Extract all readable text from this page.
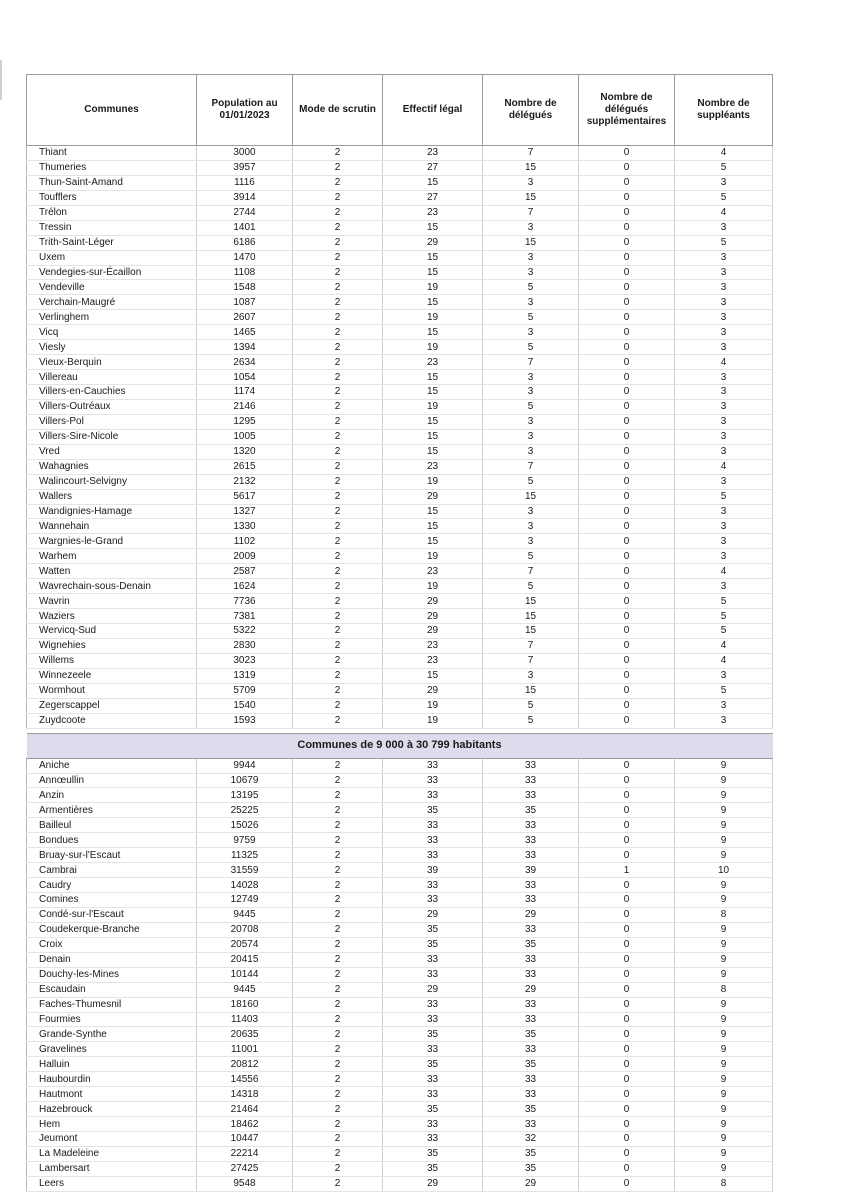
Communes	Population au 01/01/2023	Mode de scrutin	Effectif légal	Nombre de délégués	Nombre de délégués supplémentaires	Nombre de suppléants
Thiant	3000	2	23	7	0	4
Thumeries	3957	2	27	15	0	5
Thun-Saint-Amand	1116	2	15	3	0	3
Toufflers	3914	2	27	15	0	5
Trélon	2744	2	23	7	0	4
Tressin	1401	2	15	3	0	3
Trith-Saint-Léger	6186	2	29	15	0	5
Uxem	1470	2	15	3	0	3
Vendegies-sur-Écaillon	1108	2	15	3	0	3
Vendeville	1548	2	19	5	0	3
Verchain-Maugré	1087	2	15	3	0	3
Verlinghem	2607	2	19	5	0	3
Vicq	1465	2	15	3	0	3
Viesly	1394	2	19	5	0	3
Vieux-Berquin	2634	2	23	7	0	4
Villereau	1054	2	15	3	0	3
Villers-en-Cauchies	1174	2	15	3	0	3
Villers-Outréaux	2146	2	19	5	0	3
Villers-Pol	1295	2	15	3	0	3
Villers-Sire-Nicole	1005	2	15	3	0	3
Vred	1320	2	15	3	0	3
Wahagnies	2615	2	23	7	0	4
Walincourt-Selvigny	2132	2	19	5	0	3
Wallers	5617	2	29	15	0	5
Wandignies-Hamage	1327	2	15	3	0	3
Wannehain	1330	2	15	3	0	3
Wargnies-le-Grand	1102	2	15	3	0	3
Warhem	2009	2	19	5	0	3
Watten	2587	2	23	7	0	4
Wavrechain-sous-Denain	1624	2	19	5	0	3
Wavrin	7736	2	29	15	0	5
Waziers	7381	2	29	15	0	5
Wervicq-Sud	5322	2	29	15	0	5
Wignehies	2830	2	23	7	0	4
Willems	3023	2	23	7	0	4
Winnezeele	1319	2	15	3	0	3
Wormhout	5709	2	29	15	0	5
Zegerscappel	1540	2	19	5	0	3
Zuydcoote	1593	2	19	5	0	3

Communes de 9 000 à 30 799 habitants						
Aniche	9944	2	33	33	0	9
Annœullin	10679	2	33	33	0	9
Anzin	13195	2	33	33	0	9
Armentières	25225	2	35	35	0	9
Bailleul	15026	2	33	33	0	9
Bondues	9759	2	33	33	0	9
Bruay-sur-l'Escaut	11325	2	33	33	0	9
Cambrai	31559	2	39	39	1	10
Caudry	14028	2	33	33	0	9
Comines	12749	2	33	33	0	9
Condé-sur-l'Escaut	9445	2	29	29	0	8
Coudekerque-Branche	20708	2	35	33	0	9
Croix	20574	2	35	35	0	9
Denain	20415	2	33	33	0	9
Douchy-les-Mines	10144	2	33	33	0	9
Escaudain	9445	2	29	29	0	8
Faches-Thumesnil	18160	2	33	33	0	9
Fourmies	11403	2	33	33	0	9
Grande-Synthe	20635	2	35	35	0	9
Gravelines	11001	2	33	33	0	9
Halluin	20812	2	35	35	0	9
Haubourdin	14556	2	33	33	0	9
Hautmont	14318	2	33	33	0	9
Hazebrouck	21464	2	35	35	0	9
Hem	18462	2	33	33	0	9
Jeumont	10447	2	33	32	0	9
La Madeleine	22214	2	35	35	0	9
Lambersart	27425	2	35	35	0	9
Leers	9548	2	29	29	0	8
